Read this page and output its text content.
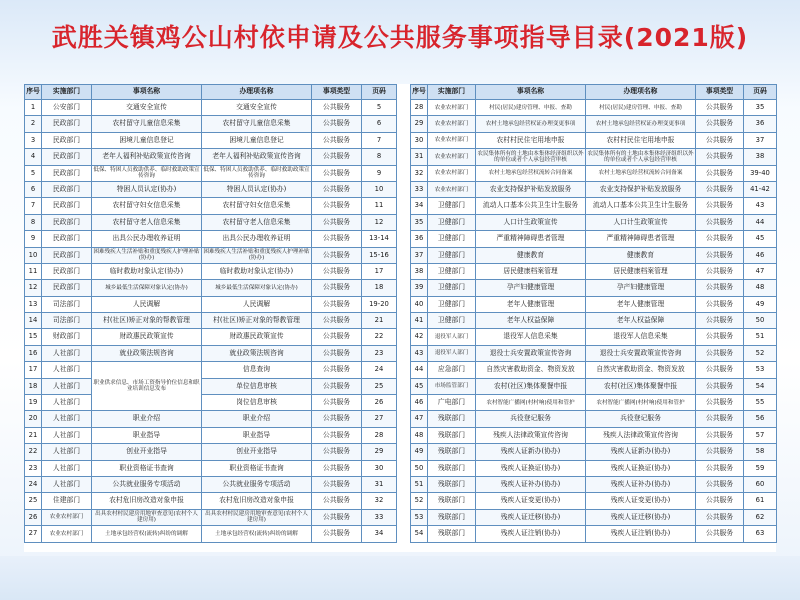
武胜关镇鸡公山村依申请及公共服务事项指导目录(2021版)
序号	实施部门	事项名称	办理项名称	事项类型	页码
1	公安部门	交通安全宣传	交通安全宣传	公共服务	5
2	民政部门	农村留守儿童信息采集	农村留守儿童信息采集	公共服务	6
3	民政部门	困境儿童信息登记	困境儿童信息登记	公共服务	7
4	民政部门	老年人福利补贴政策宣传咨询	老年人福利补贴政策宣传咨询	公共服务	8
5	民政部门	低保、特困人员救助供养、临时救助政策宣传咨询	低保、特困人员救助供养、临时救助政策宣传咨询	公共服务	9
6	民政部门	特困人员认定(协办)	特困人员认定(协办)	公共服务	10
7	民政部门	农村留守妇女信息采集	农村留守妇女信息采集	公共服务	11
8	民政部门	农村留守老人信息采集	农村留守老人信息采集	公共服务	12
9	民政部门	出具公民办理收养证明	出具公民办理收养证明	公共服务	13-14
10	民政部门	困难残疾人生活补贴和重度残疾人护理补贴(协办)	困难残疾人生活补贴和重度残疾人护理补贴(协办)	公共服务	15-16
11	民政部门	临时救助对象认定(协办)	临时救助对象认定(协办)	公共服务	17
12	民政部门	城乡最低生活保障对象认定(协办)	城乡最低生活保障对象认定(协办)	公共服务	18
13	司法部门	人民调解	人民调解	公共服务	19-20
14	司法部门	村(社区)矫正对象的帮教管理	村(社区)矫正对象的帮教管理	公共服务	21
15	财政部门	财政惠民政策宣传	财政惠民政策宣传	公共服务	22
16	人社部门	就业政策法规咨询	就业政策法规咨询	公共服务	23
17	人社部门	职业供求信息、市场工资指导价位信息和职业培训信息发布	信息查询	公共服务	24
18	人社部门		单位信息审核	公共服务	25
19	人社部门		岗位信息审核	公共服务	26
20	人社部门	职业介绍	职业介绍	公共服务	27
21	人社部门	职业指导	职业指导	公共服务	28
22	人社部门	创业开业指导	创业开业指导	公共服务	29
23	人社部门	职业资格证书查询	职业资格证书查询	公共服务	30
24	人社部门	公共就业服务专项活动	公共就业服务专项活动	公共服务	31
25	住建部门	农村危旧房改造对象申报	农村危旧房改造对象申报	公共服务	32
26	农业农村部门	出具农村村民建房用地审查意见(农村个人建房用)	出具农村村民建房用地审查意见(农村个人建房用)	公共服务	33
27	农业农村部门	土地承包经营权(流转)纠纷的调解	土地承包经营权(流转)纠纷的调解	公共服务	34
序号	实施部门	事项名称	办理项名称	事项类型	页码
28	农业农村部门	村民(居民)建房管理、申报、查勘	村民(居民)建房管理、申报、查勘	公共服务	35
29	农业农村部门	农村土地承包经营权证办理变更事项	农村土地承包经营权证办理变更事项	公共服务	36
30	农业农村部门	农村村民住宅用地申报	农村村民住宅用地申报	公共服务	37
31	农业农村部门	农民集体所有的土地由本集体经济组织以外的单位或者个人承包经营审核	农民集体所有的土地由本集体经济组织以外的单位或者个人承包经营审核	公共服务	38
32	农业农村部门	农村土地承包经营权流转合同备案	农村土地承包经营权流转合同备案	公共服务	39-40
33	农业农村部门	农业支持保护补贴发放服务	农业支持保护补贴发放服务	公共服务	41-42
34	卫健部门	流动人口基本公共卫生计生服务	流动人口基本公共卫生计生服务	公共服务	43
35	卫健部门	人口计生政策宣传	人口计生政策宣传	公共服务	44
36	卫健部门	严重精神障碍患者管理	严重精神障碍患者管理	公共服务	45
37	卫健部门	健康教育	健康教育	公共服务	46
38	卫健部门	居民健康档案管理	居民健康档案管理	公共服务	47
39	卫健部门	孕产妇健康管理	孕产妇健康管理	公共服务	48
40	卫健部门	老年人健康管理	老年人健康管理	公共服务	49
41	卫健部门	老年人权益保障	老年人权益保障	公共服务	50
42	退役军人部门	退役军人信息采集	退役军人信息采集	公共服务	51
43	退役军人部门	退役士兵安置政策宣传咨询	退役士兵安置政策宣传咨询	公共服务	52
44	应急部门	自然灾害救助资金、物资发放	自然灾害救助资金、物资发放	公共服务	53
45	市场监管部门	农村(社区)集体聚餐申报	农村(社区)集体聚餐申报	公共服务	54
46	广电部门	农村智能广播网(村村响)使用和管护	农村智能广播网(村村响)使用和管护	公共服务	55
47	残联部门	兵役登记服务	兵役登记服务	公共服务	56
48	残联部门	残疾人法律政策宣传咨询	残疾人法律政策宣传咨询	公共服务	57
49	残联部门	残疾人证新办(协办)	残疾人证新办(协办)	公共服务	58
50	残联部门	残疾人证换证(协办)	残疾人证换证(协办)	公共服务	59
51	残联部门	残疾人证补办(协办)	残疾人证补办(协办)	公共服务	60
52	残联部门	残疾人证变更(协办)	残疾人证变更(协办)	公共服务	61
53	残联部门	残疾人证迁移(协办)	残疾人证迁移(协办)	公共服务	62
54	残联部门	残疾人证注销(协办)	残疾人证注销(协办)	公共服务	63
